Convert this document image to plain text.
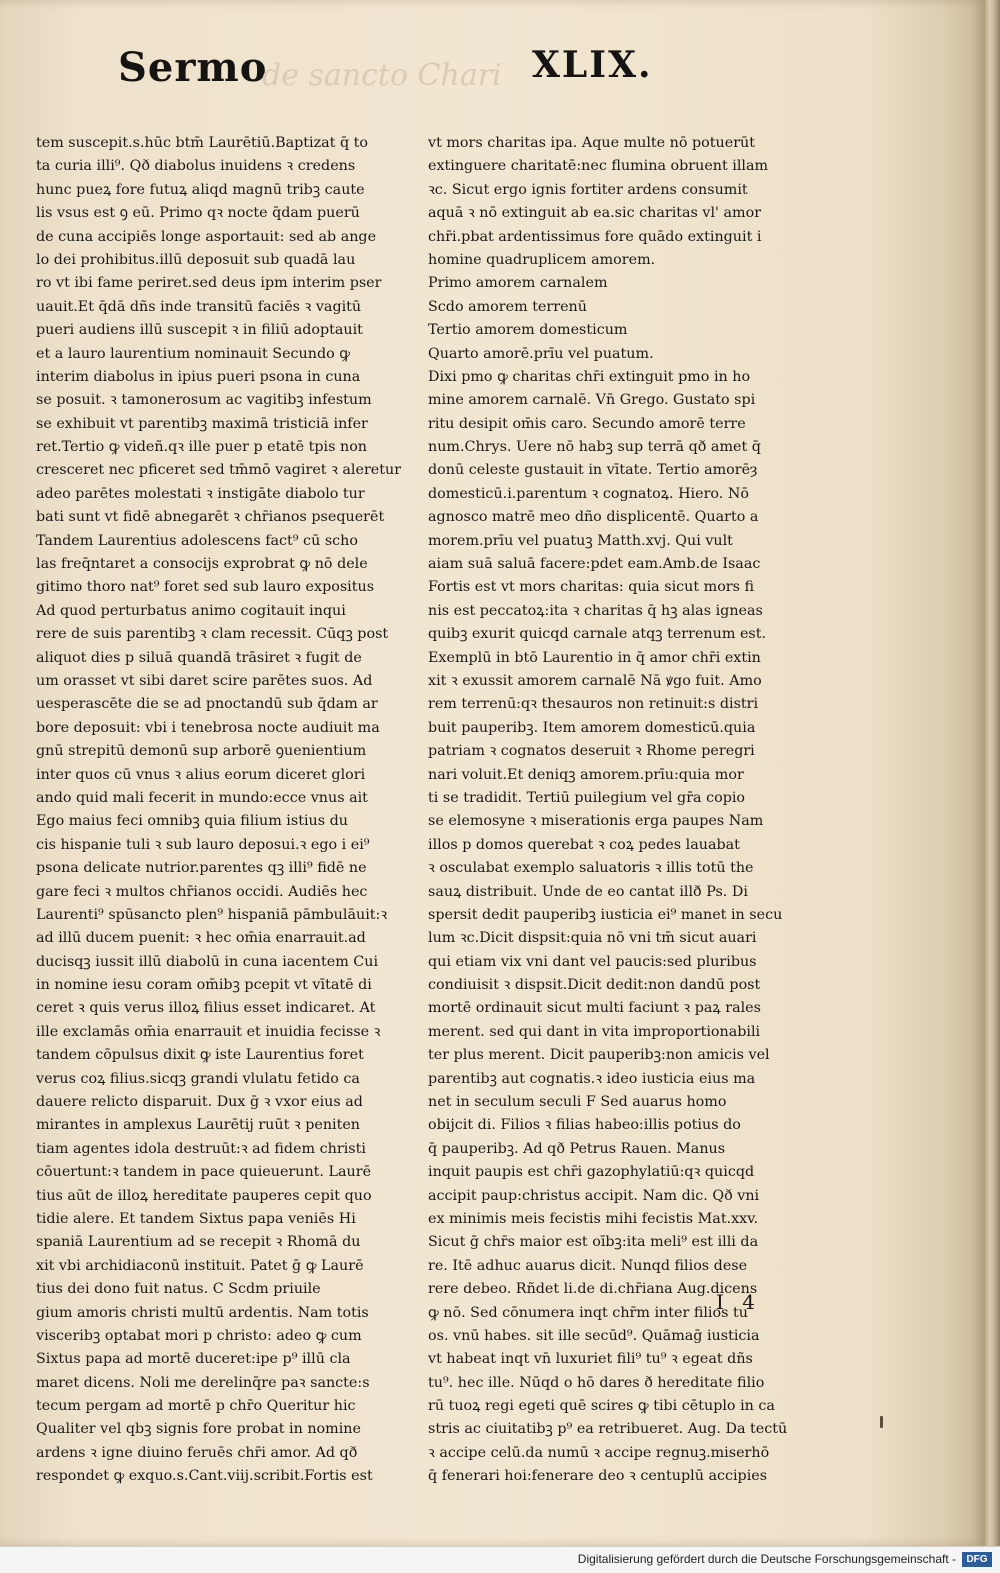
Sermo
de sancto Chari XLIX.
tem suscepit.s.hūc btm̄ Laurētiū.Baptizat q̄ to
ta curia illi⁹. Qð diabolus inuidens ꝛ credens
hunc pueꝝ fore futuꝝ aliqd magnū tribꝫ caute
lis vsus est ꝯ eū. Primo qꝛ nocte q̄dam puerū
de cuna accipiēs longe asportauit: sed ab ange
lo dei prohibitus.illū deposuit sub quadā lau
ro vt ibi fame periret.sed deus ipm interim pser
uauit.Et q̄dā dñs inde transitū faciēs ꝛ vagitū
pueri audiens illū suscepit ꝛ in filiū adoptauit
et a lauro laurentium nominauit Secundo ꝙ
interim diabolus in ipius pueri psona in cuna
se posuit. ꝛ tamonerosum ac vagitibꝫ infestum
se exhibuit vt parentibꝫ maximā tristiciā infer
ret.Tertio ꝙ videñ.qꝛ ille puer p etatē tpis non
cresceret nec pficeret sed tm̄mō vagiret ꝛ aleretur
adeo parētes molestati ꝛ instigāte diabolo tur
bati sunt vt fidē abnegarēt ꝛ chr̄ianos psequerēt
Tandem Laurentius adolescens fact⁹ cū scho
las freq̄ntaret a consocijs exprobrat ꝙ nō dele
gitimo thoro nat⁹ foret sed sub lauro expositus
Ad quod perturbatus animo cogitauit inqui
rere de suis parentibꝫ ꝛ clam recessit. Cūqꝫ post
aliquot dies p siluā quandā trāsiret ꝛ fugit de
um orasset vt sibi daret scire parētes suos. Ad
uesperascēte die se ad pnoctandū sub q̄dam ar
bore deposuit: vbi i tenebrosa nocte audiuit ma
gnū strepitū demonū sup arborē ꝯuenientium
inter quos cū vnus ꝛ alius eorum diceret glori
ando quid mali fecerit in mundo:ecce vnus ait
Ego maius feci omnibꝫ quia filium istius du
cis hispanie tuli ꝛ sub lauro deposui.ꝛ ego i ei⁹
psona delicate nutrior.parentes qꝫ illi⁹ fidē ne
gare feci ꝛ multos chr̄ianos occidi. Audiēs hec
Laurenti⁹ spūsancto plen⁹ hispaniā pāmbulāuit:ꝛ
ad illū ducem puenit: ꝛ hec om̄ia enarrauit.ad
ducisqꝫ iussit illū diabolū in cuna iacentem Cui
in nomine iesu coram om̄ibꝫ pcepit vt vītatē di
ceret ꝛ quis verus illoꝝ filius esset indicaret. At
ille exclamās om̄ia enarrauit et inuidia fecisse ꝛ
tandem cōpulsus dixit ꝙ iste Laurentius foret
verus coꝝ filius.sicqꝫ grandi vlulatu fetido ca
dauere relicto disparuit. Dux ḡ ꝛ vxor eius ad
mirantes in amplexus Laurētij ruūt ꝛ peniten
tiam agentes idola destruūt:ꝛ ad fidem christi
cōuertunt:ꝛ tandem in pace quieuerunt. Laurē
tius aūt de illoꝝ hereditate pauperes cepit quo
tidie alere. Et tandem Sixtus papa veniēs Hi
spaniā Laurentium ad se recepit ꝛ Rhomā du
xit vbi archidiaconū instituit. Patet ḡ ꝙ Laurē
tius dei dono fuit natus. C Scdm priuile
gium amoris christi multū ardentis. Nam totis
visceribꝫ optabat mori p christo: adeo ꝙ cum
Sixtus papa ad mortē duceret:ipe p⁹ illū cla
maret dicens. Noli me derelinq̄re paꝛ sancte:s
tecum pergam ad mortē p chr̄o Queritur hic
Qualiter vel qbꝫ signis fore probat in nomine
ardens ꝛ igne diuino feruēs chr̄i amor. Ad qð
respondet ꝙ exquo.s.Cant.viij.scribit.Fortis est
vt mors charitas ipa. Aque multe nō potuerūt
extinguere charitatē:nec flumina obruent illam
ꝛc. Sicut ergo ignis fortiter ardens consumit
aquā ꝛ nō extinguit ab ea.sic charitas vl' amor
chr̄i.pbat ardentissimus fore quādo extinguit i
homine quadruplicem amorem.
Primo amorem carnalem
Scdo amorem terrenū
Tertio amorem domesticum
Quarto amorē.prīu vel puatum.
Dixi pmo ꝙ charitas chr̄i extinguit pmo in ho
mine amorem carnalē. Vn̄ Grego. Gustato spi
ritu desipit om̄is caro. Secundo amorē terre
num.Chrys. Uere nō habꝫ sup terrā qð amet q̄
donū celeste gustauit in vītate. Tertio amorēȝ
domesticū.i.parentum ꝛ cognatoꝝ. Hiero. Nō
agnosco matrē meo dño displicentē. Quarto a
morem.prīu vel puatuꝫ Matth.xvj. Qui vult
aiam suā saluā facere:pdet eam.Amb.de Isaac
Fortis est vt mors charitas: quia sicut mors fi
nis est peccatoꝝ:ita ꝛ charitas q̄ hꝫ alas igneas
quibꝫ exurit quicqd carnale atqꝫ terrenum est.
Exemplū in btō Laurentio in q̄ amor chr̄i extin
xit ꝛ exussit amorem carnalē Nā ꝟgo fuit. Amo
rem terrenū:qꝛ thesauros non retinuit:s distri
buit pauperibꝫ. Item amorem domesticū.quia
patriam ꝛ cognatos deseruit ꝛ Rhome peregri
nari voluit.Et deniqꝫ amorem.prīu:quia mor
ti se tradidit. Tertiū puilegium vel gr̄a copio
se elemosyne ꝛ miserationis erga paupes Nam
illos p domos querebat ꝛ coꝝ pedes lauabat
ꝛ osculabat exemplo saluatoris ꝛ illis totū the
sauꝝ distribuit. Unde de eo cantat illð Ps. Di
spersit dedit pauperibꝫ iusticia ei⁹ manet in secu
lum ꝛc.Dicit dispsit:quia nō vni tm̄ sicut auari
qui etiam vix vni dant vel paucis:sed pluribus
condiuisit ꝛ dispsit.Dicit dedit:non dandū post
mortē ordinauit sicut multi faciunt ꝛ paꝝ rales
merent. sed qui dant in vita improportionabili
ter plus merent. Dicit pauperibꝫ:non amicis vel
parentibꝫ aut cognatis.ꝛ ideo iusticia eius ma
net in seculum seculi F Sed auarus homo
obijcit di. Filios ꝛ filias habeo:illis potius do
q̄ pauperibꝫ. Ad qð Petrus Rauen. Manus
inquit paupis est chr̄i gazophylatiū:qꝛ quicqd
accipit paup:christus accipit. Nam dic. Qð vni
ex minimis meis fecistis mihi fecistis Mat.xxv.
Sicut ḡ chr̄s maior est oībꝫ:ita meli⁹ est illi da
re. Itē adhuc auarus dicit. Nunqd filios dese
rere debeo. Rñdet li.de di.chr̄iana Aug.dicens
ꝙ nō. Sed cōnumera inqt chr̄m inter filios tu
os. vnū habes. sit ille secūd⁹. Quāmaḡ iusticia
vt habeat inqt vn̄ luxuriet fili⁹ tu⁹ ꝛ egeat dñs
tu⁹. hec ille. Nūqd o hō dares ð hereditate filio
rū tuoꝝ regi egeti quē scires ꝙ tibi cētuplo in ca
stris ac ciuitatibꝫ p⁹ ea retribueret. Aug. Da tectū
ꝛ accipe celū.da numū ꝛ accipe regnuꝫ.miserhō
q̄ fenerari hoi:fenerare deo ꝛ centuplū accipies
I 4
Digitalisierung gefördert durch die Deutsche Forschungsgemeinschaft -	DFG
